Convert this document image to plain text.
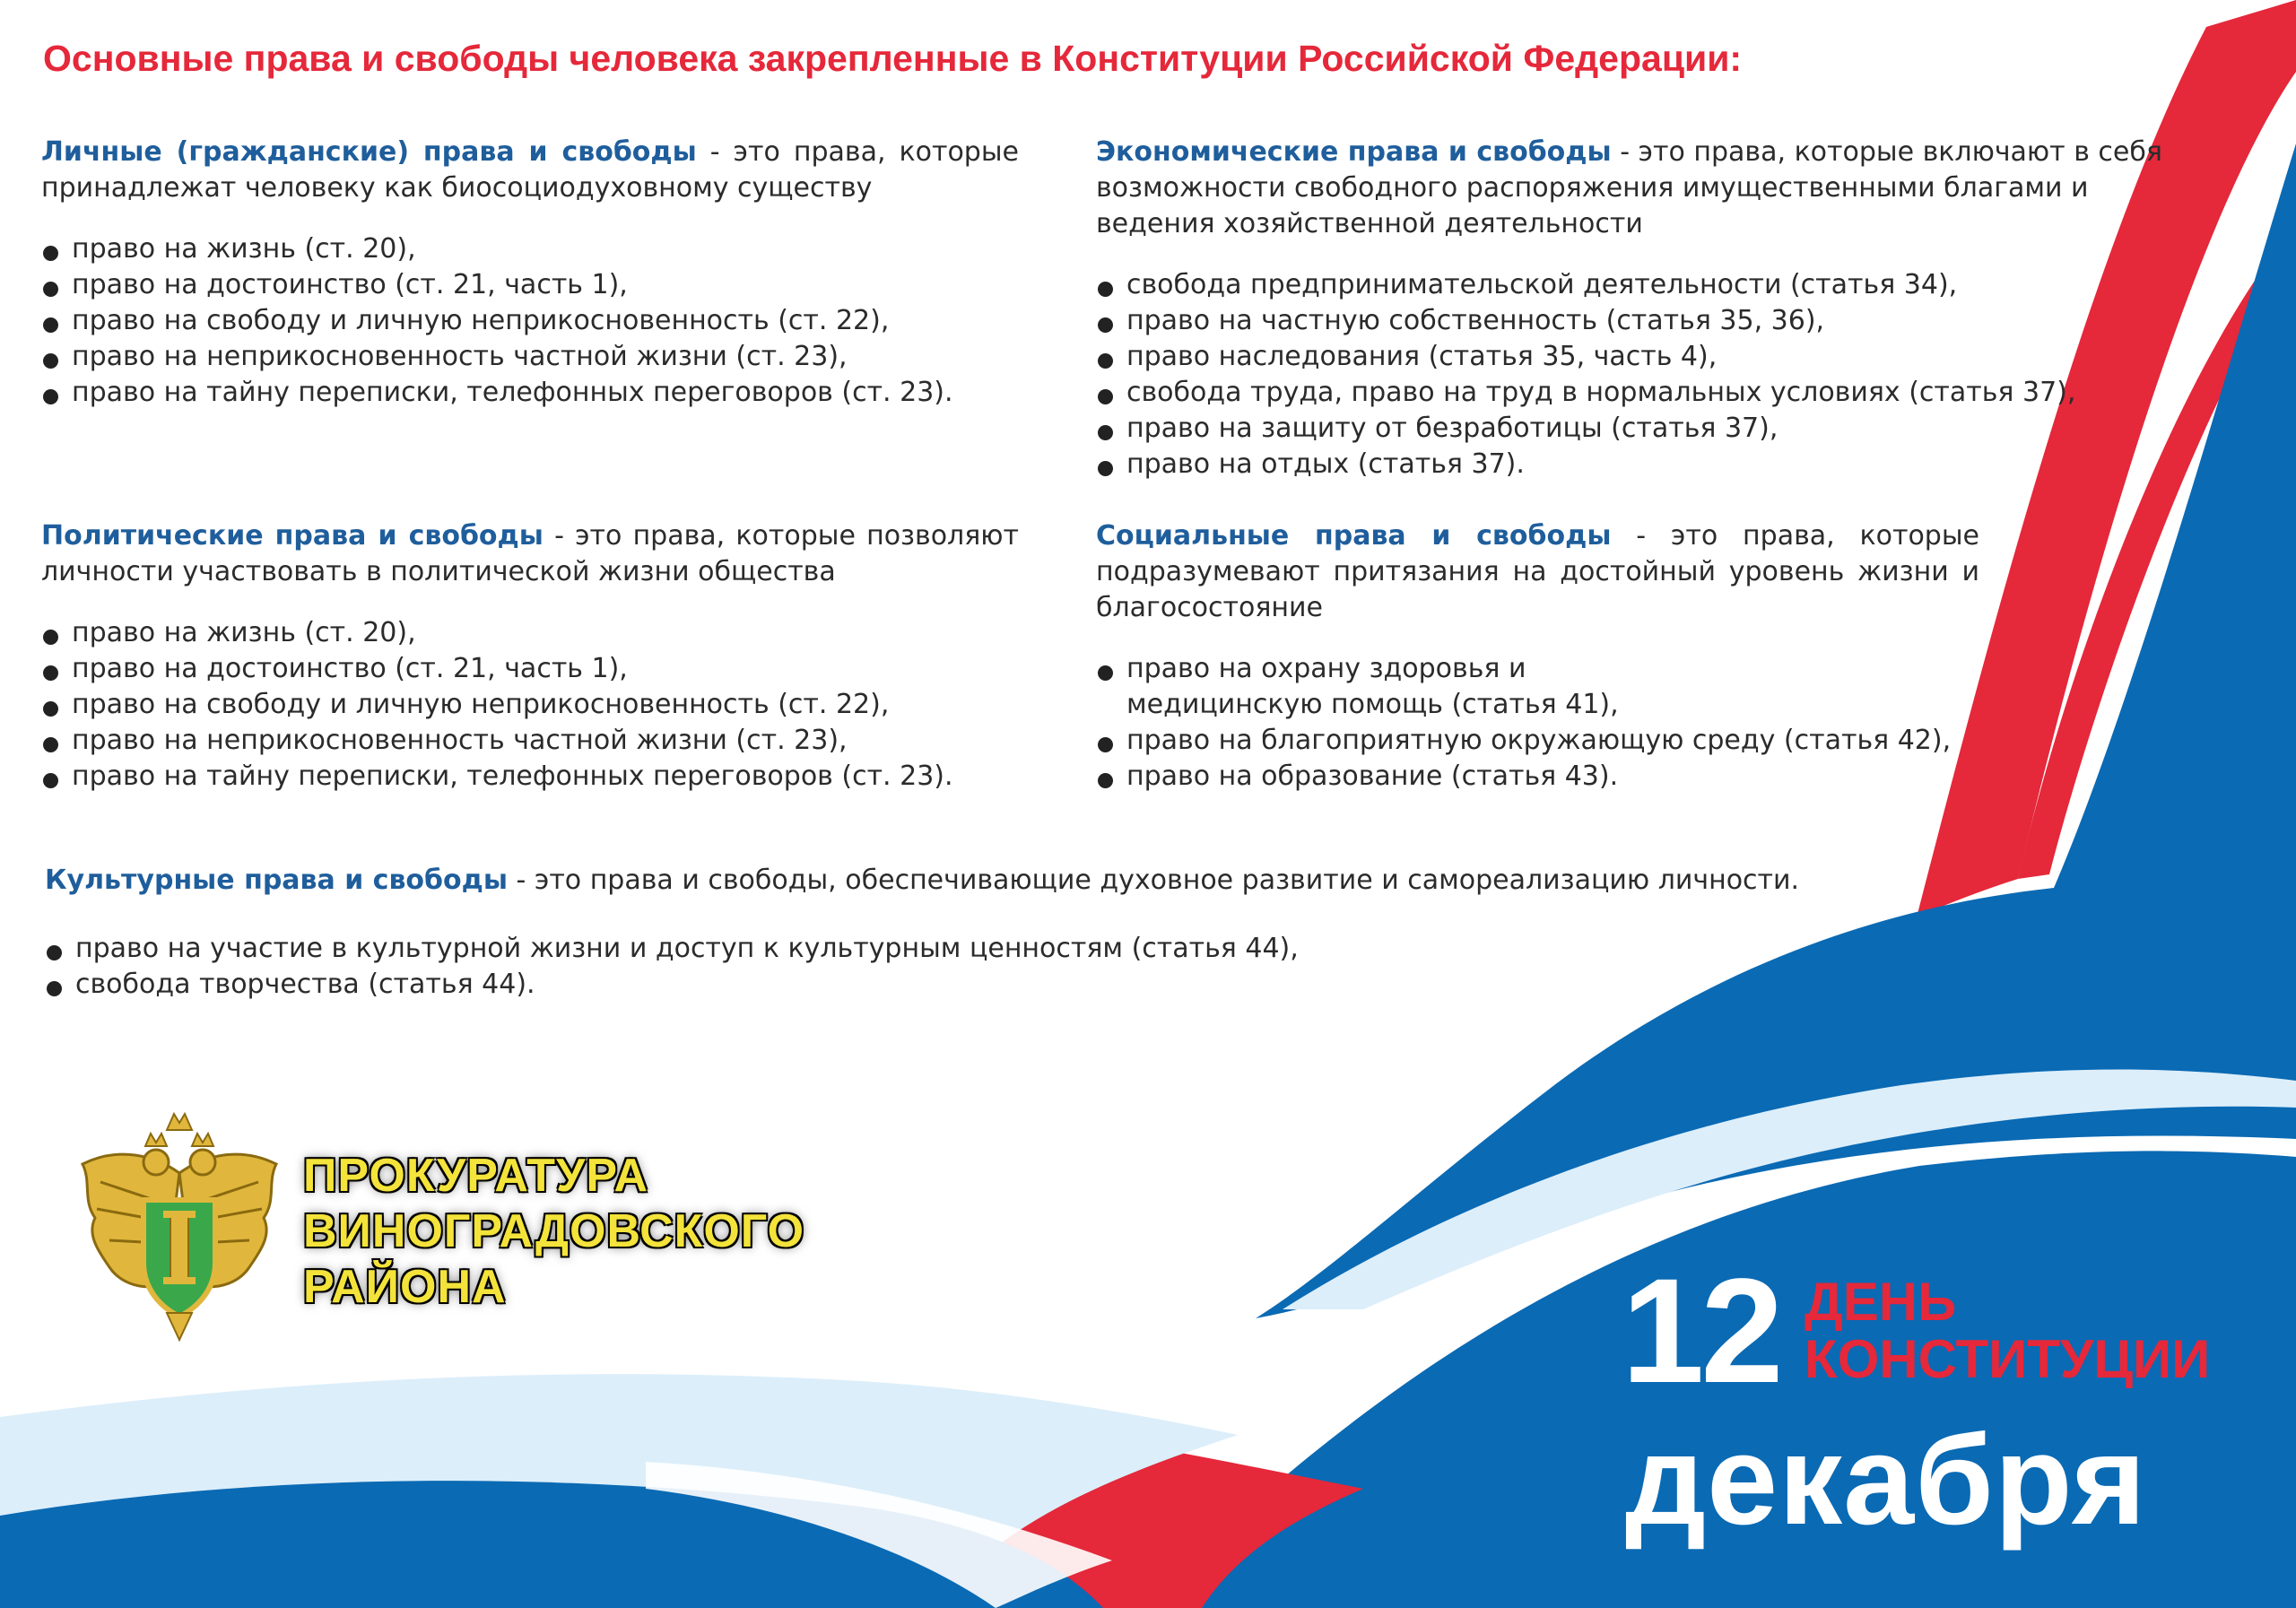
Основные права и свободы человека закрепленные в Конституции Российской Федерации:

Личные (гражданские) права и свободы - это права, которые принадлежат человеку как биосоциодуховному существу

право на жизнь (ст. 20),
право на достоинство (ст. 21, часть 1),
право на свободу и личную неприкосновенность (ст. 22),
право на неприкосновенность частной жизни (ст. 23),
право на тайну переписки, телефонных переговоров (ст. 23).

Экономические права и свободы - это права, которые включают в себя возможности свободного распоряжения имущественными благами и ведения хозяйственной деятельности

свобода предпринимательской деятельности (статья 34),
право на частную собственность (статья 35, 36),
право наследования (статья 35, часть 4),
свобода труда, право на труд в нормальных условиях (статья 37),
право на защиту от безработицы (статья 37),
право на отдых (статья 37).

Политические права и свободы - это права, которые позволяют личности участвовать в политической жизни общества

право на жизнь (ст. 20),
право на достоинство (ст. 21, часть 1),
право на свободу и личную неприкосновенность (ст. 22),
право на неприкосновенность частной жизни (ст. 23),
право на тайну переписки, телефонных переговоров (ст. 23).

Социальные права и свободы - это права, которые подразумевают притязания на достойный уровень жизни и благосостояние

право на охрану здоровья и
медицинскую помощь (статья 41),
право на благоприятную окружающую среду (статья 42),
право на образование (статья 43).

Культурные права и свободы - это права и свободы, обеспечивающие духовное развитие и самореализацию личности.

право на участие в культурной жизни и доступ к культурным ценностям (статья 44),
свобода творчества (статья 44).
ПРОКУРАТУРА
ВИНОГРАДОВСКОГО
РАЙОНА	12 ДЕНЬ
КОНСТИТУЦИИ
декабря
